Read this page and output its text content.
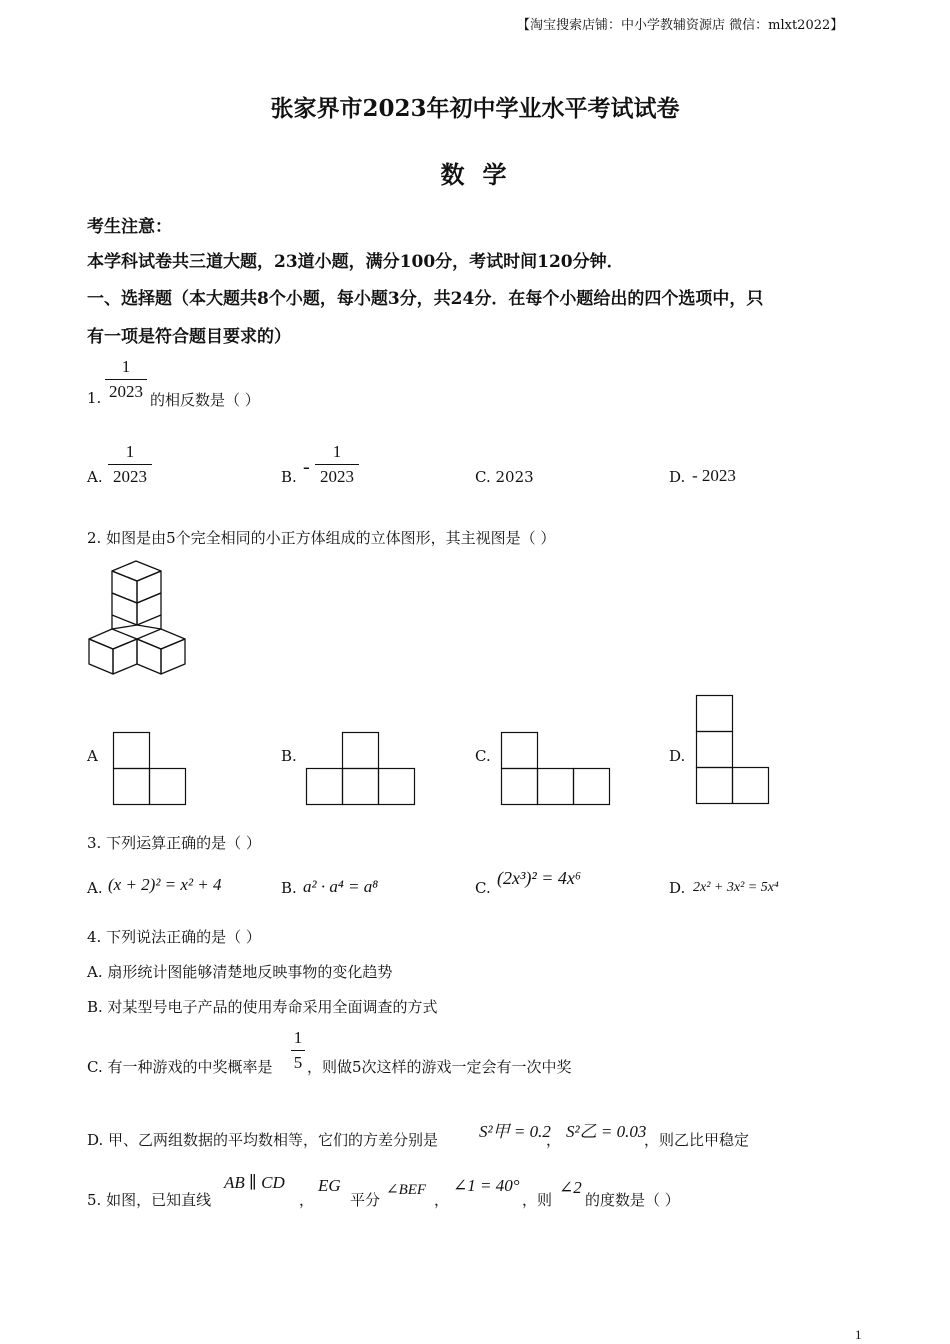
【淘宝搜索店铺：中小学教辅资源店 微信：mlxt2022】
张家界市2023年初中学业水平考试试卷
数学
考生注意：
本学科试卷共三道大题，23道小题，满分100分，考试时间120分钟．
一、选择题（本大题共8个小题，每小题3分，共24分．在每个小题给出的四个选项中，只
有一项是符合题目要求的）
1.
1
2023 的相反数是（ ）
A.
1
2023	B. -
1
2023	C. 2023	D. - 2023
2. 如图是由5个完全相同的小正方体组成的立体图形，其主视图是（ ）
A	B.	C.	D.
3. 下列运算正确的是（ ）
A. (x + 2)² = x² + 4	B. a² · a⁴ = a⁸	C. (2x³)² = 4x⁶	D. 2x² + 3x² = 5x⁴
4. 下列说法正确的是（ ）
A. 扇形统计图能够清楚地反映事物的变化趋势
B. 对某型号电子产品的使用寿命采用全面调查的方式
C. 有一种游戏的中奖概率是
1
5 ，则做5次这样的游戏一定会有一次中奖
D. 甲、乙两组数据的平均数相等，它们的方差分别是 S²甲 = 0.2
， S²乙 = 0.03
，则乙比甲稳定
5. 如图，已知直线
AB ∥ CD
，
EG
平分
∠BEF
，
∠1 = 40°
，则
∠2
的度数是（ ）
1
